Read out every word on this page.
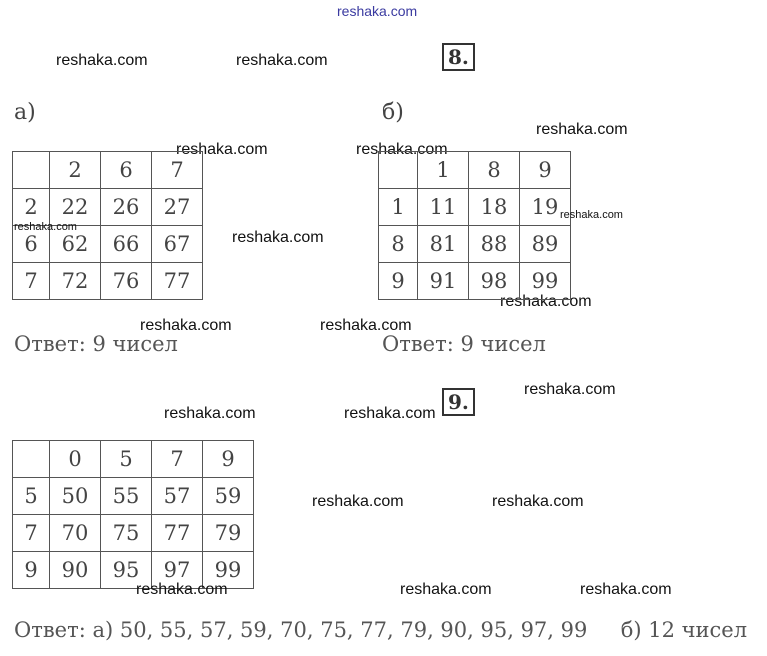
reshaka.com
reshaka.com	reshaka.com
reshaka.com
reshaka.com	reshaka.com
reshaka.com
reshaka.com
reshaka.com	reshaka.com
reshaka.com
reshaka.com	reshaka.com
reshaka.com	reshaka.com
reshaka.com	reshaka.com
8.
а)	б)
	2	6	7
2	22	26	27
6	62	66	67
7	72	76	77
reshaka.com
	1	8	9
1	11	18	19
8	81	88	89
9	91	98	99
reshaka.com
Ответ: 9 чисел	Ответ: 9 чисел
9.
	0	5	7	9
5	50	55	57	59
7	70	75	77	79
9	90	95	97	99
reshaka.com
Ответ: а) 50, 55, 57, 59, 70, 75, 77, 79, 90, 95, 97, 99     б) 12 чисел
